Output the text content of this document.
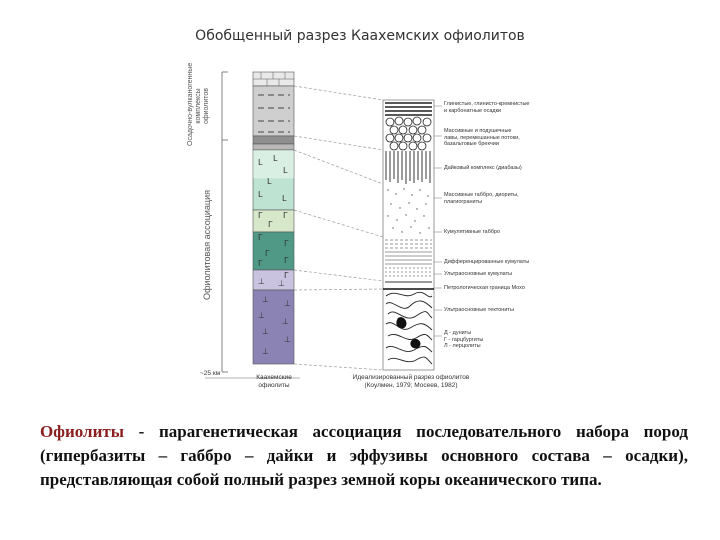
Обобщенный разрез Каахемских офиолитов
Осадочно-вулканогенные
комплексы
офиолитов
Офиолитовая ассоциация
L
L
L
L
L L
Γ	Γ
Γ
Γ
Γ
Γ
Γ	Γ
Γ
⊥ ⊥
⊥ ⊥
⊥
⊥
⊥
⊥
⊥
Глинистые, глинисто-кремнистые
и карбонатные осадки
Массивные и подушечные
лавы, перемешанные потоки,
базальтовые брекчии
Дайковый комплекс (диабазы)
Массивные габбро, диориты,
плагиограниты
Кумулятивные габбро
Дифференцированные кумулаты
Ультраосновные кумулаты
Петрологическая граница Мохо
Ультраосновные тектониты
Д - дуниты
Г - гарцбургиты
Л - лерцолиты
~25 км
Каахемские
офиолиты
Идеализированный разрез офиолитов
(Коулмен, 1979; Мосеев, 1982)
Офиолиты - парагенетическая ассоциация последовательного набора пород (гипербазиты – габбро – дайки и эффузивы основного состава – осадки), представляющая собой полный разрез земной коры океанического типа.
